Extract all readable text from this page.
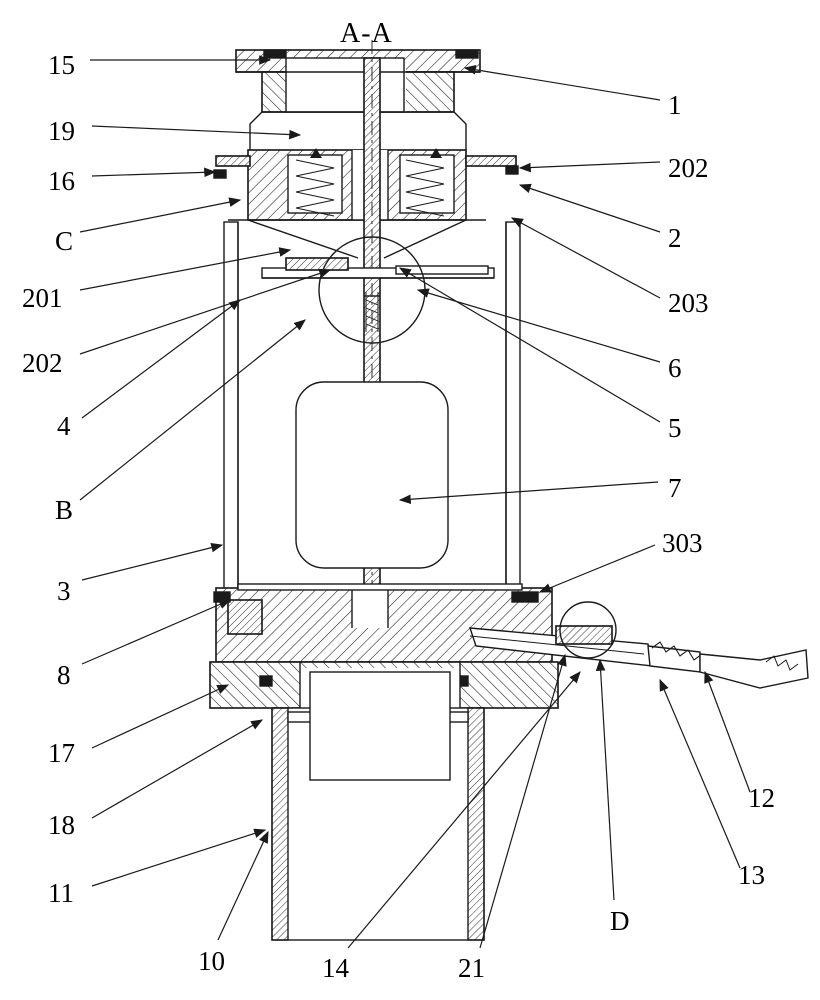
A-A
15
19
16
C
201
202
4
B
3
8
17
18
11
1
202
2
203
6
5
7
303
12
13
D
10	14	21
